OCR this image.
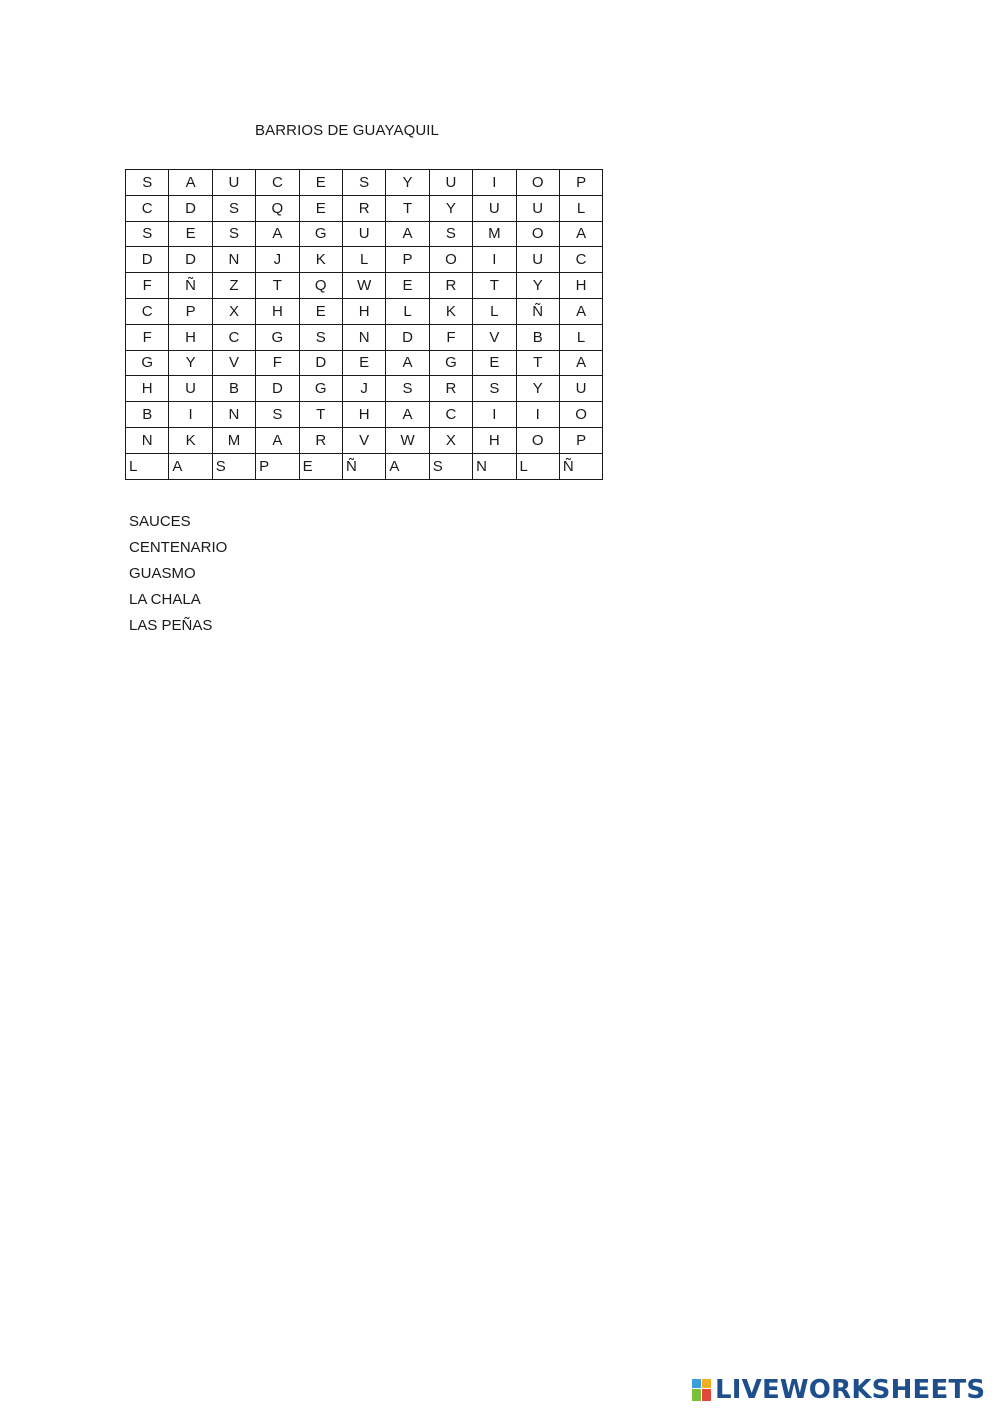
BARRIOS DE GUAYAQUIL
S	A	U	C	E	S	Y	U	I	O	P
C	D	S	Q	E	R	T	Y	U	U	L
S	E	S	A	G	U	A	S	M	O	A
D	D	N	J	K	L	P	O	I	U	C
F	Ñ	Z	T	Q	W	E	R	T	Y	H
C	P	X	H	E	H	L	K	L	Ñ	A
F	H	C	G	S	N	D	F	V	B	L
G	Y	V	F	D	E	A	G	E	T	A
H	U	B	D	G	J	S	R	S	Y	U
B	I	N	S	T	H	A	C	I	I	O
N	K	M	A	R	V	W	X	H	O	P
L	A	S	P	E	Ñ	A	S	N	L	Ñ
SAUCES
CENTENARIO
GUASMO
LA CHALA
LAS PEÑAS
LIVEWORKSHEETS
